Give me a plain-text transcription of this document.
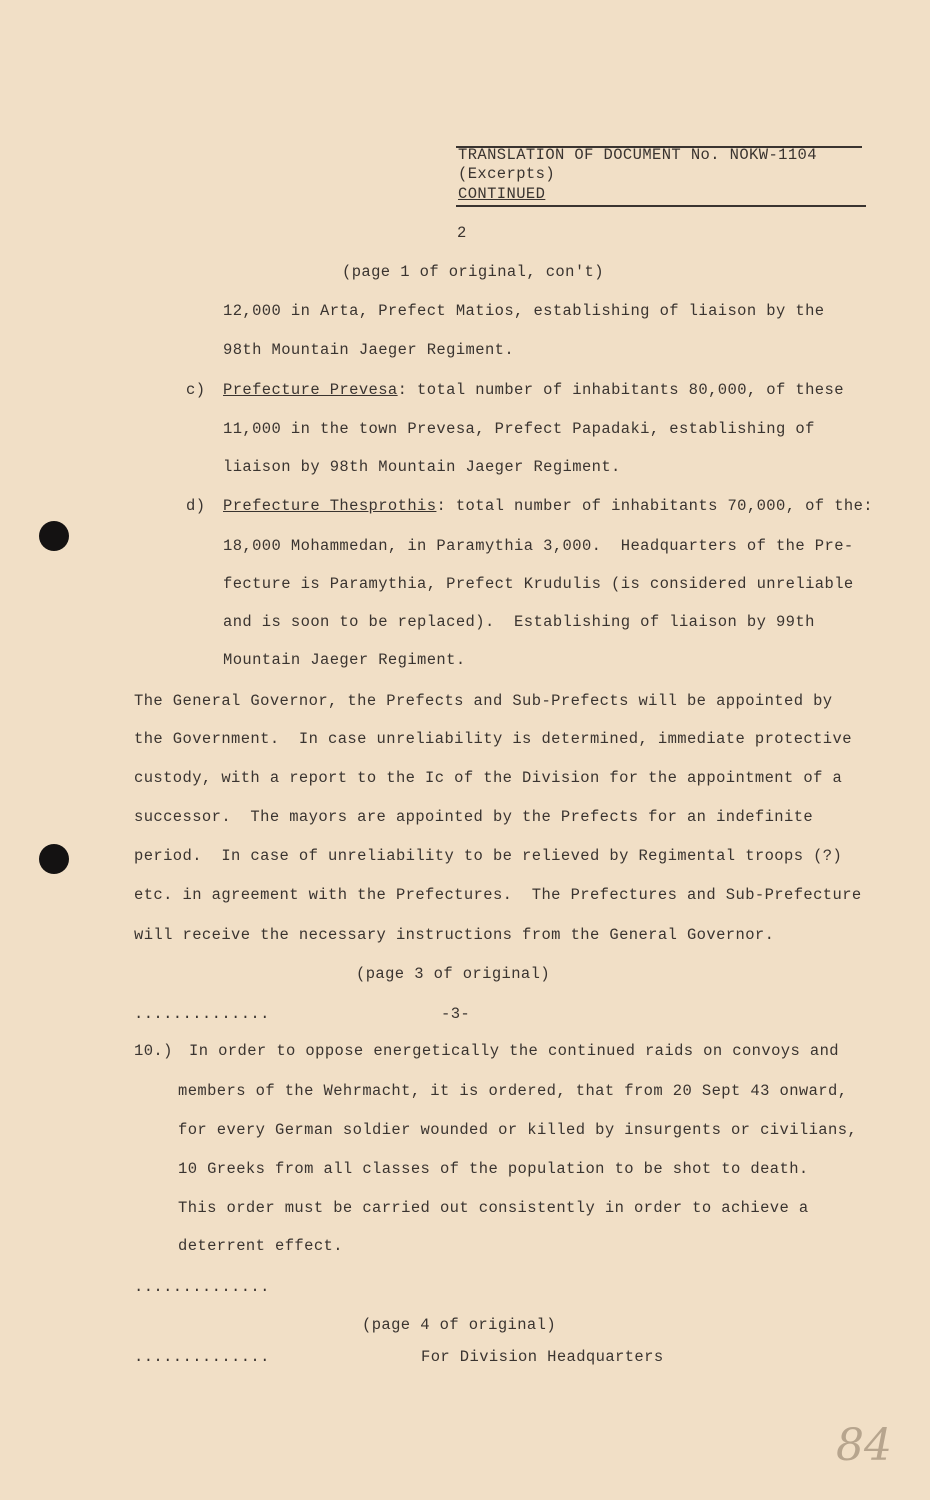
TRANSLATION OF DOCUMENT No. NOKW-1104
(Excerpts)
CONTINUED
2
(page 1 of original, con't)
12,000 in Arta, Prefect Matios, establishing of liaison by the
98th Mountain Jaeger Regiment.
c) Prefecture Prevesa: total number of inhabitants 80,000, of these
11,000 in the town Prevesa, Prefect Papadaki, establishing of
liaison by 98th Mountain Jaeger Regiment.
d) Prefecture Thesprothis: total number of inhabitants 70,000, of the:
18,000 Mohammedan, in Paramythia 3,000.  Headquarters of the Pre-
fecture is Paramythia, Prefect Krudulis (is considered unreliable
and is soon to be replaced).  Establishing of liaison by 99th
Mountain Jaeger Regiment.
The General Governor, the Prefects and Sub-Prefects will be appointed by
the Government.  In case unreliability is determined, immediate protective
custody, with a report to the Ic of the Division for the appointment of a
successor.  The mayors are appointed by the Prefects for an indefinite
period.  In case of unreliability to be relieved by Regimental troops (?)
etc. in agreement with the Prefectures.  The Prefectures and Sub-Prefecture
will receive the necessary instructions from the General Governor.
(page 3 of original)
..............	-3-
10.) In order to oppose energetically the continued raids on convoys and
members of the Wehrmacht, it is ordered, that from 20 Sept 43 onward,
for every German soldier wounded or killed by insurgents or civilians,
10 Greeks from all classes of the population to be shot to death.
This order must be carried out consistently in order to achieve a
deterrent effect.
..............
(page 4 of original)
..............	For Division Headquarters
84
